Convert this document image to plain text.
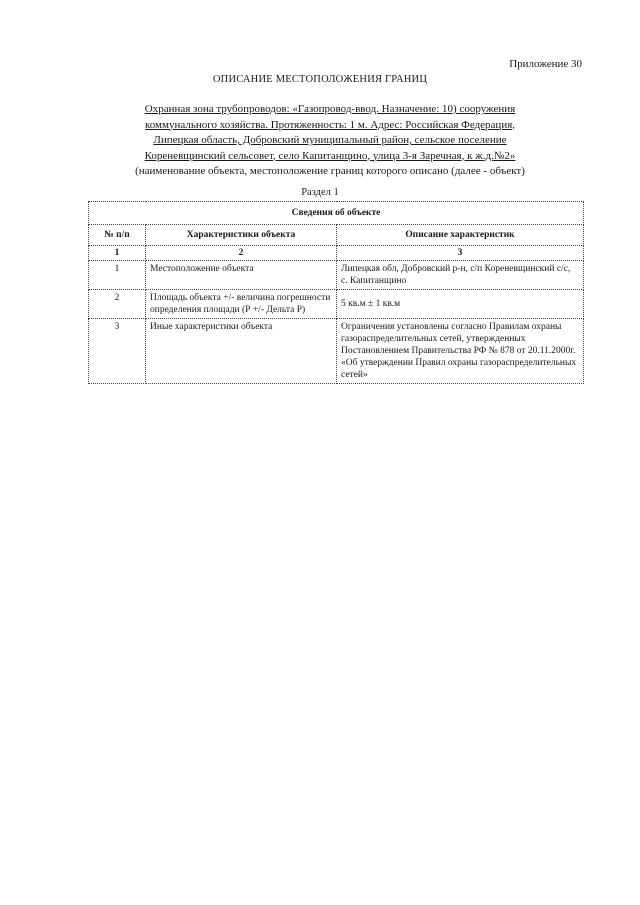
Приложение 30
ОПИСАНИЕ МЕСТОПОЛОЖЕНИЯ ГРАНИЦ
Охранная зона трубопроводов: «Газопровод-ввод. Назначение: 10) сооружения
коммунального хозяйства. Протяженность: 1 м. Адрес: Российская Федерация,
Липецкая область, Добровский муниципальный район, сельское поселение
Кореневщинский сельсовет, село Капитанщино, улица 3-я Заречная, к ж.д.№2»
(наименование объекта, местоположение границ которого описано (далее - объект)
Раздел 1
Сведения об объекте		
№ п/п	Характеристики объекта	Описание характеристик
1	2	3
1	Местоположение объекта	Липецкая обл, Добровский р-н, с/п Кореневщинский с/с, с. Капитанщино
2	Площадь объекта +/- величина погрешности определения площади (Р +/- Дельта Р)	5 кв.м ± 1 кв.м
3	Иные характеристики объекта	Ограничения установлены согласно Правилам охраны газораспределительных сетей, утвержденных Постановлением Правительства РФ № 878 от 20.11.2000г. «Об утверждении Правил охраны газораспределительных сетей»
